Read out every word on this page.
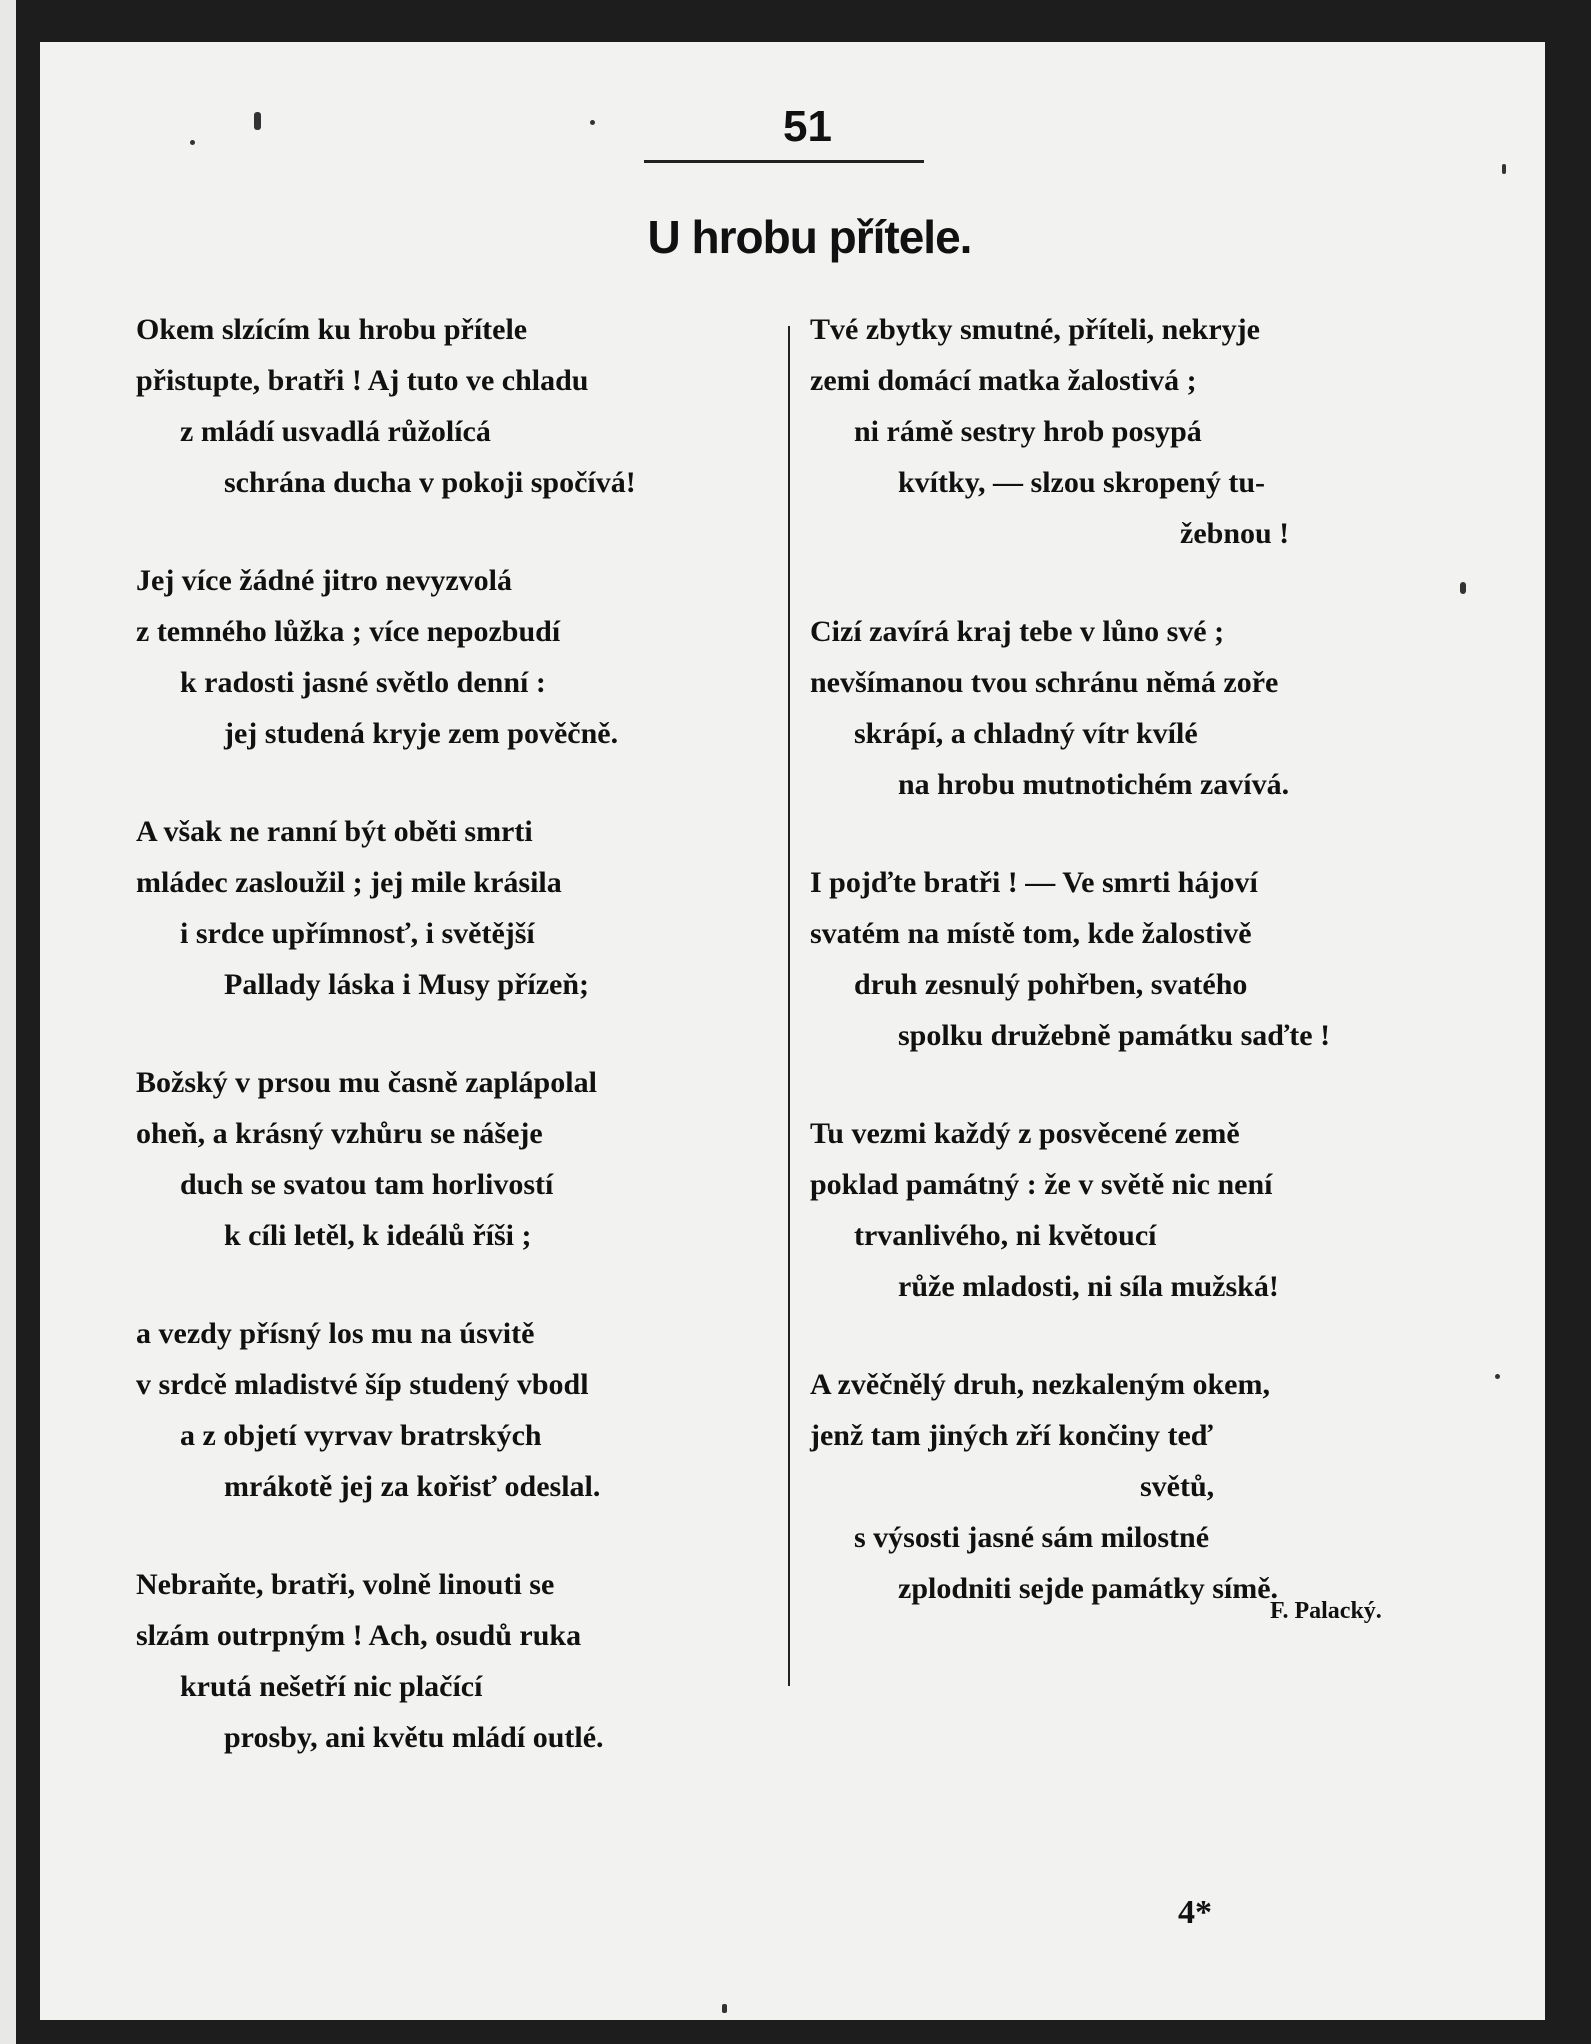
51
U hrobu přítele.
Okem slzícím ku hrobu přítele
přistupte, bratři ! Aj tuto ve chladu
z mládí usvadlá růžolícá
schrána ducha v pokoji spočívá!
Jej více žádné jitro nevyzvolá
z temného lůžka ; více nepozbudí
k radosti jasné světlo denní :
jej studená kryje zem pověčně.
A však ne ranní být oběti smrti
mládec zasloužil ; jej mile krásila
i srdce upřímnosť, i světější
Pallady láska i Musy přízeň;
Božský v prsou mu časně zaplápolal
oheň, a krásný vzhůru se nášeje
duch se svatou tam horlivostí
k cíli letěl, k ideálů říši ;
a vezdy přísný los mu na úsvitě
v srdcě mladistvé šíp studený vbodl
a z objetí vyrvav bratrských
mrákotě jej za kořisť odeslal.
Nebraňte, bratři, volně linouti se
slzám outrpným ! Ach, osudů ruka
krutá nešetří nic plačící
prosby, ani květu mládí outlé.
Tvé zbytky smutné, příteli, nekryje
zemi domácí matka žalostivá ;
ni rámě sestry hrob posypá
kvítky, — slzou skropený tu-
žebnou !
Cizí zavírá kraj tebe v lůno své ;
nevšímanou tvou schránu němá zoře
skrápí, a chladný vítr kvílé
na hrobu mutnotichém zavívá.
I pojďte bratři ! — Ve smrti hájoví
svatém na místě tom, kde žalostivě
druh zesnulý pohřben, svatého
spolku družebně památku saďte !
Tu vezmi každý z posvěcené země
poklad památný : že v světě nic není
trvanlivého, ni květoucí
růže mladosti, ni síla mužská!
A zvěčnělý druh, nezkaleným okem,
jenž tam jiných zří končiny teď
světů,
s výsosti jasné sám milostné
zplodniti sejde památky símě.
F. Palacký.
4*
